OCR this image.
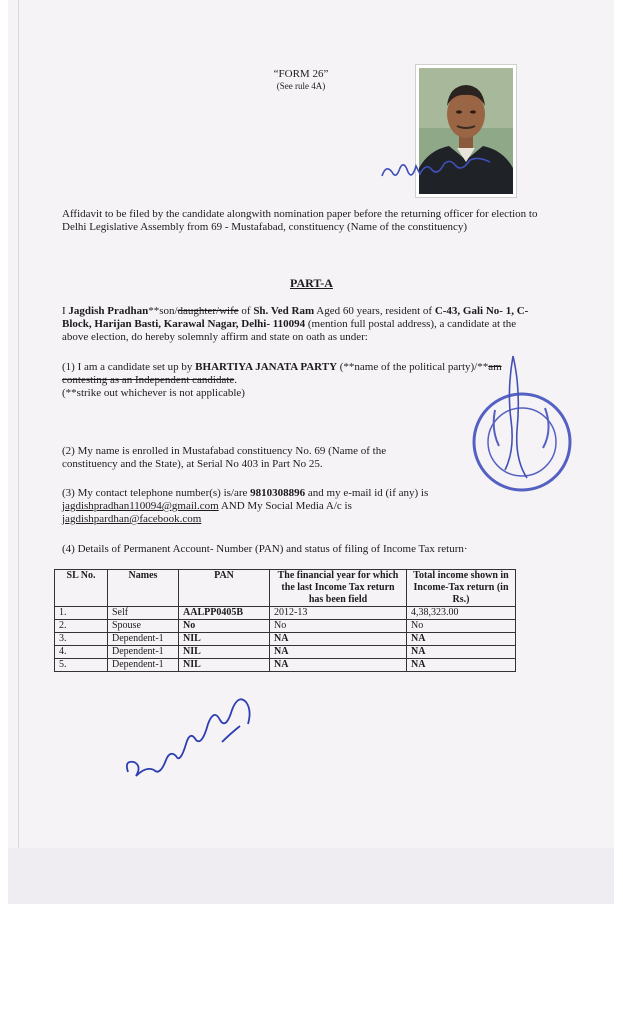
“FORM 26”
(See rule 4A)
Affidavit to be filed by the candidate alongwith nomination paper before the returning officer for election to Delhi Legislative Assembly from 69 - Mustafabad, constituency (Name of the constituency)
PART-A
I Jagdish Pradhan**son/daughter/wife of Sh. Ved Ram Aged 60 years, resident of C-43, Gali No- 1, C- Block, Harijan Basti, Karawal Nagar, Delhi- 110094 (mention full postal address), a candidate at the above election, do hereby solemnly affirm and state on oath as under:
(1) I am a candidate set up by BHARTIYA JANATA PARTY (**name of the political party)/**am contesting as an Independent candidate.
(**strike out whichever is not applicable)
(2) My name is enrolled in Mustafabad constituency No. 69 (Name of the constituency and the State), at Serial No 403 in Part No 25.
(3) My contact telephone number(s) is/are 9810308896 and my e-mail id (if any) is
jagdishpradhan110094@gmail.com AND My Social Media A/c is
jagdishpardhan@facebook.com
(4) Details of Permanent Account- Number (PAN) and status of filing of Income Tax return·
SL No.	Names	PAN	The financial year for which the last Income Tax return has been field	Total income shown in Income-Tax return (in Rs.)
1.	Self	AALPP0405B	2012-13	4,38,323.00
2.	Spouse	No	No	No
3.	Dependent-1	NIL	NA	NA
4.	Dependent-1	NIL	NA	NA
5.	Dependent-1	NIL	NA	NA
